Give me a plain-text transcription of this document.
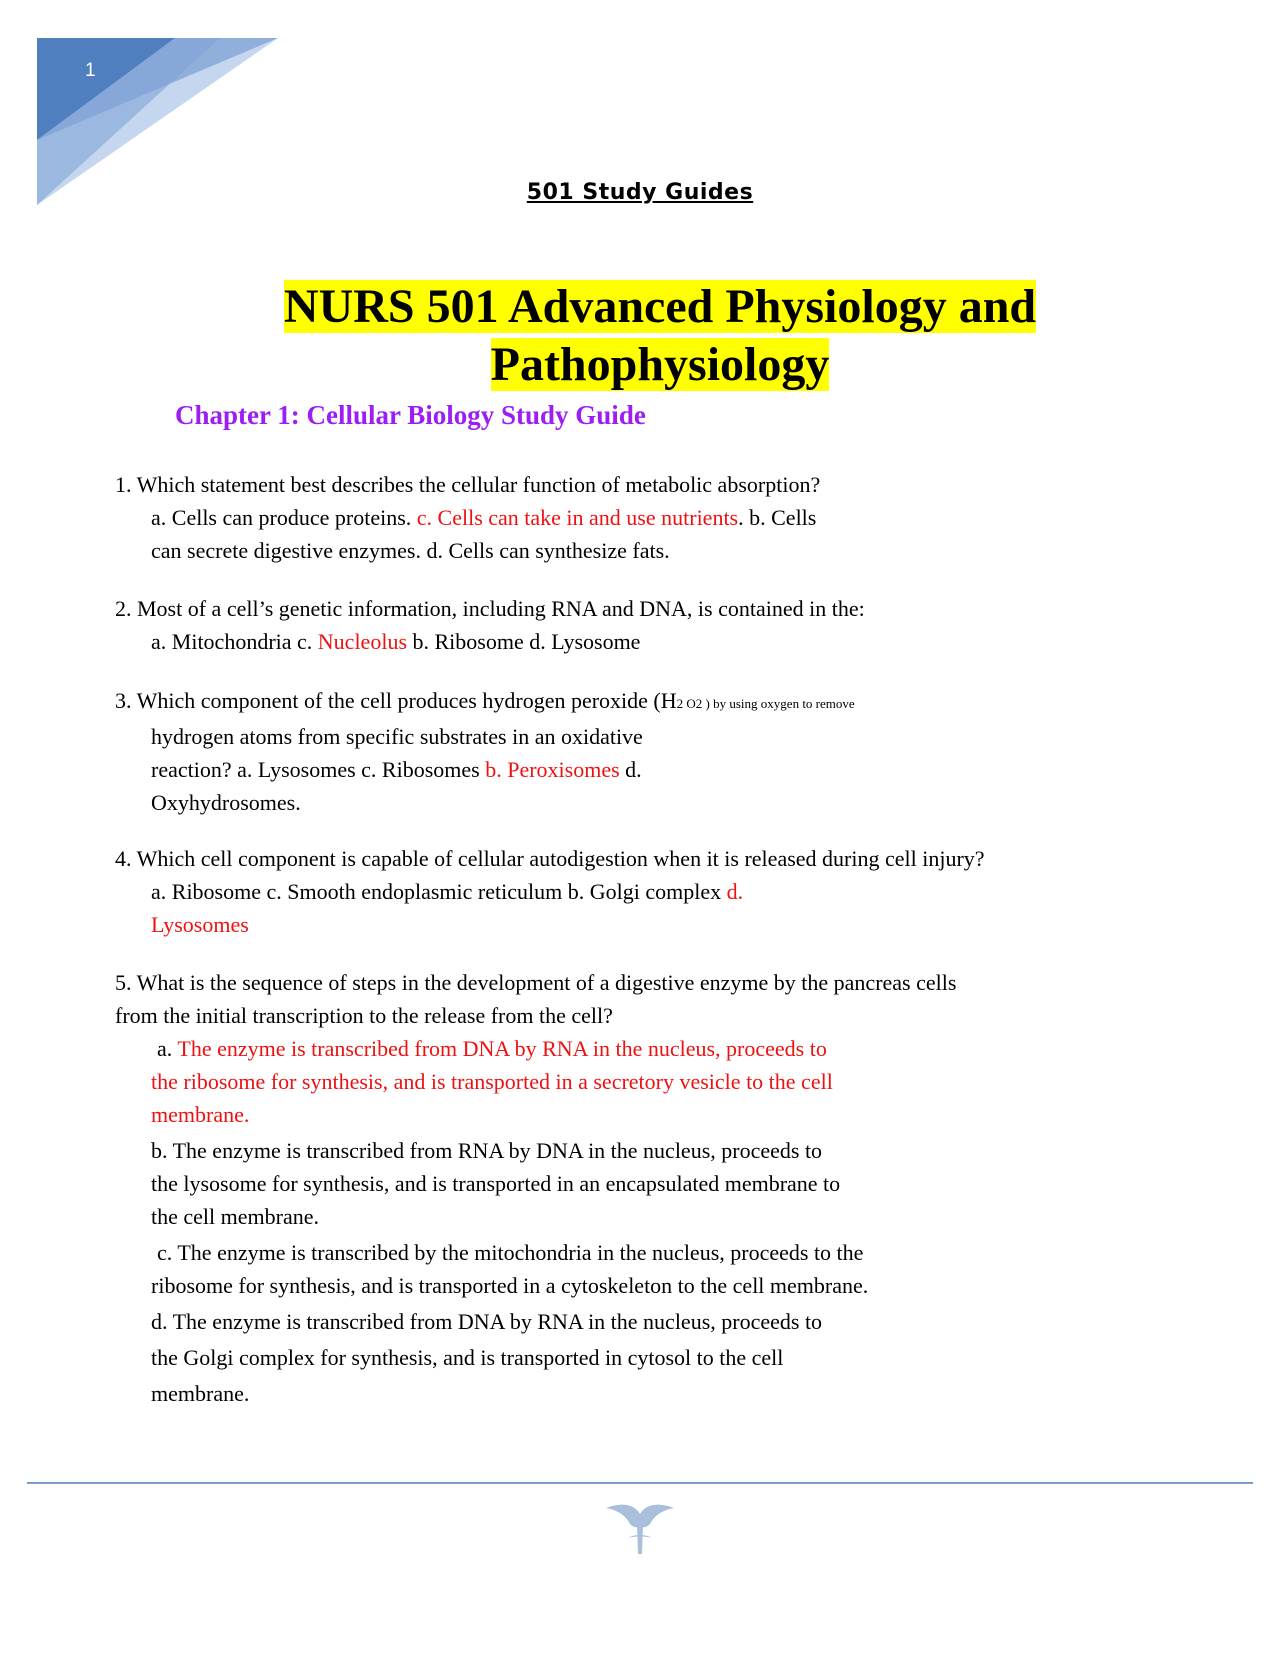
1
501 Study Guides
NURS 501 Advanced Physiology and
Pathophysiology
Chapter 1: Cellular Biology Study Guide
1. Which statement best describes the cellular function of metabolic absorption?
a. Cells can produce proteins. c. Cells can take in and use nutrients. b. Cells
can secrete digestive enzymes. d. Cells can synthesize fats.
2. Most of a cell’s genetic information, including RNA and DNA, is contained in the:
a. Mitochondria c. Nucleolus b. Ribosome d. Lysosome
3. Which component of the cell produces hydrogen peroxide (H2 O2 ) by using oxygen to remove
hydrogen atoms from specific substrates in an oxidative
reaction? a. Lysosomes c. Ribosomes b. Peroxisomes d.
Oxyhydrosomes.
4. Which cell component is capable of cellular autodigestion when it is released during cell injury?
a. Ribosome c. Smooth endoplasmic reticulum b. Golgi complex d.
Lysosomes
5. What is the sequence of steps in the development of a digestive enzyme by the pancreas cells
from the initial transcription to the release from the cell?
a. The enzyme is transcribed from DNA by RNA in the nucleus, proceeds to
the ribosome for synthesis, and is transported in a secretory vesicle to the cell
membrane.
b. The enzyme is transcribed from RNA by DNA in the nucleus, proceeds to
the lysosome for synthesis, and is transported in an encapsulated membrane to
the cell membrane.
c. The enzyme is transcribed by the mitochondria in the nucleus, proceeds to the
ribosome for synthesis, and is transported in a cytoskeleton to the cell membrane.
d. The enzyme is transcribed from DNA by RNA in the nucleus, proceeds to
the Golgi complex for synthesis, and is transported in cytosol to the cell
membrane.
